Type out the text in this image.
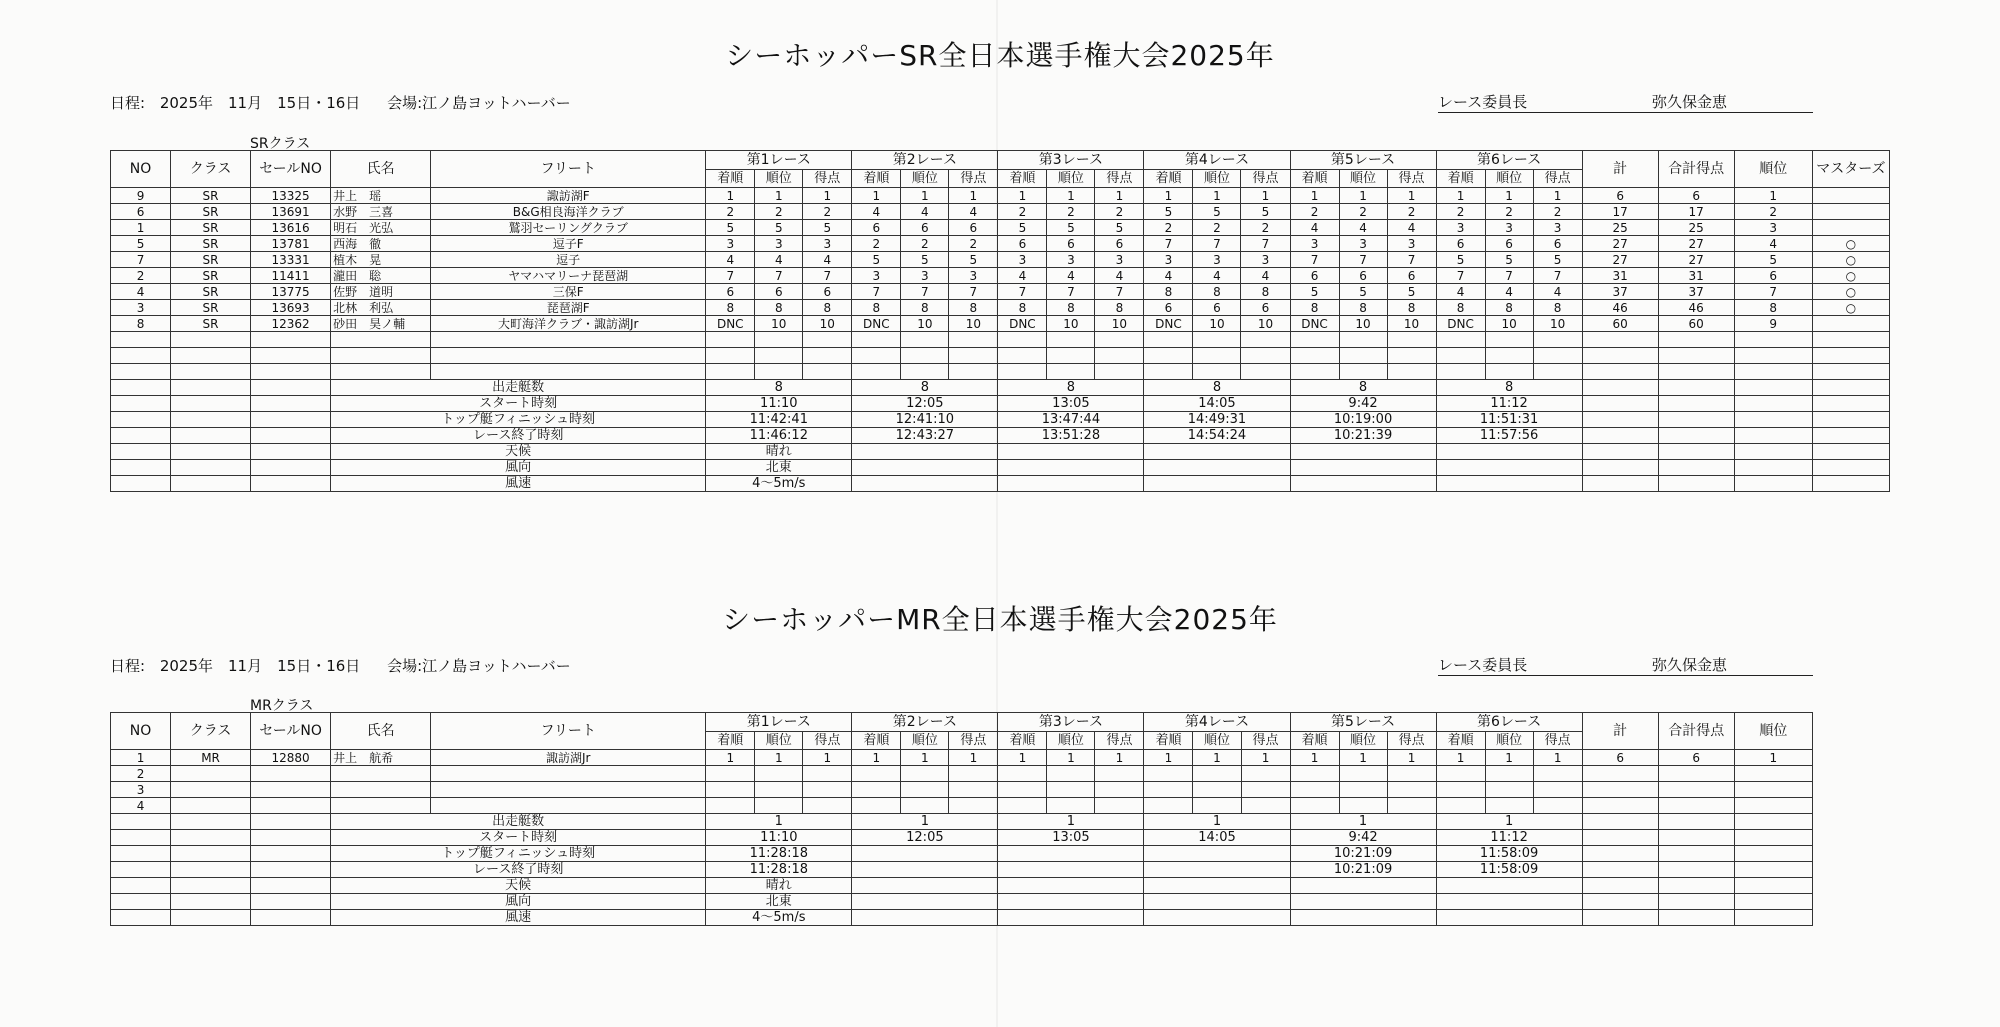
シーホッパーSR全日本選手権大会2025年
日程: 2025年　11月　15日・16日 会場:江ノ島ヨットハーバー	レース委員長	弥久保金恵
SRクラス
NO	クラス	セールNO	氏名	フリート	第1レース			第2レース			第3レース			第4レース			第5レース			第6レース			計	合計得点	順位	マスターズ
					着順	順位	得点	着順	順位	得点	着順	順位	得点	着順	順位	得点	着順	順位	得点	着順	順位	得点				
9	SR	13325	井上　瑶	諏訪湖F	1	1	1	1	1	1	1	1	1	1	1	1	1	1	1	1	1	1	6	6	1	
6	SR	13691	水野　三喜	B&G相良海洋クラブ	2	2	2	4	4	4	2	2	2	5	5	5	2	2	2	2	2	2	17	17	2	
1	SR	13616	明石　光弘	鷲羽セーリングクラブ	5	5	5	6	6	6	5	5	5	2	2	2	4	4	4	3	3	3	25	25	3	
5	SR	13781	西海　徹	逗子F	3	3	3	2	2	2	6	6	6	7	7	7	3	3	3	6	6	6	27	27	4	○
7	SR	13331	植木　晃	逗子	4	4	4	5	5	5	3	3	3	3	3	3	7	7	7	5	5	5	27	27	5	○
2	SR	11411	瀧田　聡	ヤマハマリーナ琵琶湖	7	7	7	3	3	3	4	4	4	4	4	4	6	6	6	7	7	7	31	31	6	○
4	SR	13775	佐野　道明	三保F	6	6	6	7	7	7	7	7	7	8	8	8	5	5	5	4	4	4	37	37	7	○
3	SR	13693	北林　利弘	琵琶湖F	8	8	8	8	8	8	8	8	8	6	6	6	8	8	8	8	8	8	46	46	8	○
8	SR	12362	砂田　昊ノ輔	大町海洋クラブ・諏訪湖Jr	DNC	10	10	DNC	10	10	DNC	10	10	DNC	10	10	DNC	10	10	DNC	10	10	60	60	9	

			出走艇数		8			8			8			8			8			8						
			スタート時刻		11:10			12:05			13:05			14:05			9:42			11:12						
			トップ艇フィニッシュ時刻		11:42:41			12:41:10			13:47:44			14:49:31			10:19:00			11:51:31						
			レース終了時刻		11:46:12			12:43:27			13:51:28			14:54:24			10:21:39			11:57:56						
			天候		晴れ																					
			風向		北東																					
			風速		4～5m/s																					
シーホッパーMR全日本選手権大会2025年
日程: 2025年　11月　15日・16日 会場:江ノ島ヨットハーバー	レース委員長	弥久保金恵
MRクラス
NO	クラス	セールNO	氏名	フリート	第1レース			第2レース			第3レース			第4レース			第5レース			第6レース			計	合計得点	順位
					着順	順位	得点	着順	順位	得点	着順	順位	得点	着順	順位	得点	着順	順位	得点	着順	順位	得点			
1	MR	12880	井上　航希	諏訪湖Jr	1	1	1	1	1	1	1	1	1	1	1	1	1	1	1	1	1	1	6	6	1
2																									
3																									
4																									
			出走艇数		1			1			1			1			1			1					
			スタート時刻		11:10			12:05			13:05			14:05			9:42			11:12					
			トップ艇フィニッシュ時刻		11:28:18												10:21:09			11:58:09					
			レース終了時刻		11:28:18												10:21:09			11:58:09					
			天候		晴れ																				
			風向		北東																				
			風速		4～5m/s																				
